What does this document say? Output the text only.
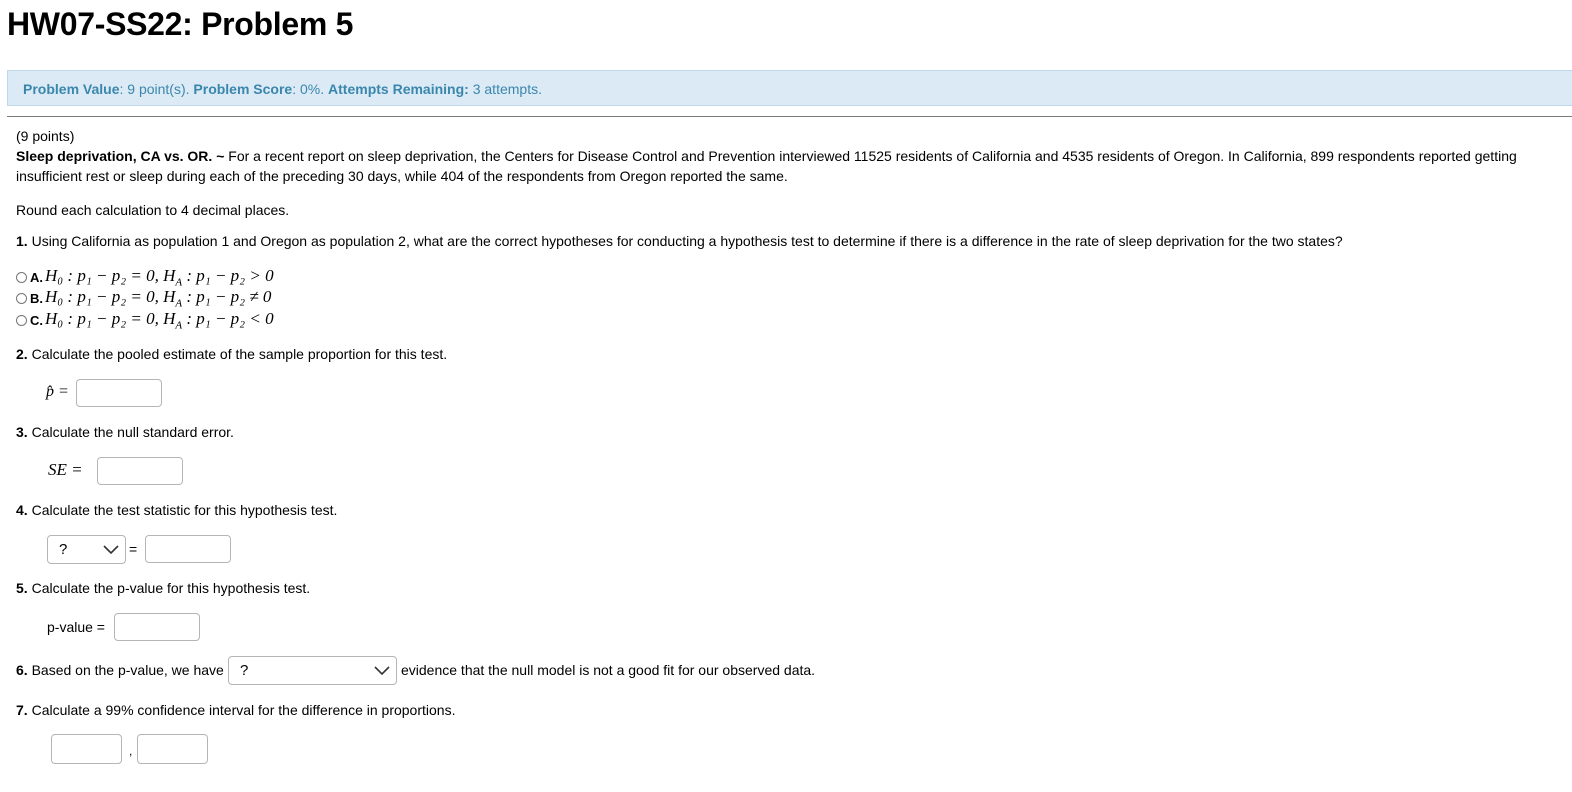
HW07-SS22: Problem 5
Problem Value: 9 point(s). Problem Score: 0%. Attempts Remaining: 3 attempts.

(9 points)

Sleep deprivation, CA vs. OR. ~ For a recent report on sleep deprivation, the Centers for Disease Control and Prevention interviewed 11525 residents of California and 4535 residents of Oregon. In California, 899 respondents reported getting insufficient rest or sleep during each of the preceding 30 days, while 404 of the respondents from Oregon reported the same.

Round each calculation to 4 decimal places.

1. Using California as population 1 and Oregon as population 2, what are the correct hypotheses for conducting a hypothesis test to determine if there is a difference in the rate of sleep deprivation for the two states?
A. H₀ : p₁ − p₂ = 0, $H_A$ : p₁ − p₂ > 0
B. H₀ : p₁ − p₂ = 0, $H_A$ : p₁ − p₂ ≠ 0
C. H₀ : p₁ − p₂ = 0, $H_A$ : p₁ − p₂ < 0
2. Calculate the pooled estimate of the sample proportion for this test.
p̂ =
3. Calculate the null standard error.
SE =
4. Calculate the test statistic for this hypothesis test.
?	=
5. Calculate the p-value for this hypothesis test.
p-value =
6. Based on the p-value, we have	?	evidence that the null model is not a good fit for our observed data.
7. Calculate a 99% confidence interval for the difference in proportions.
,
